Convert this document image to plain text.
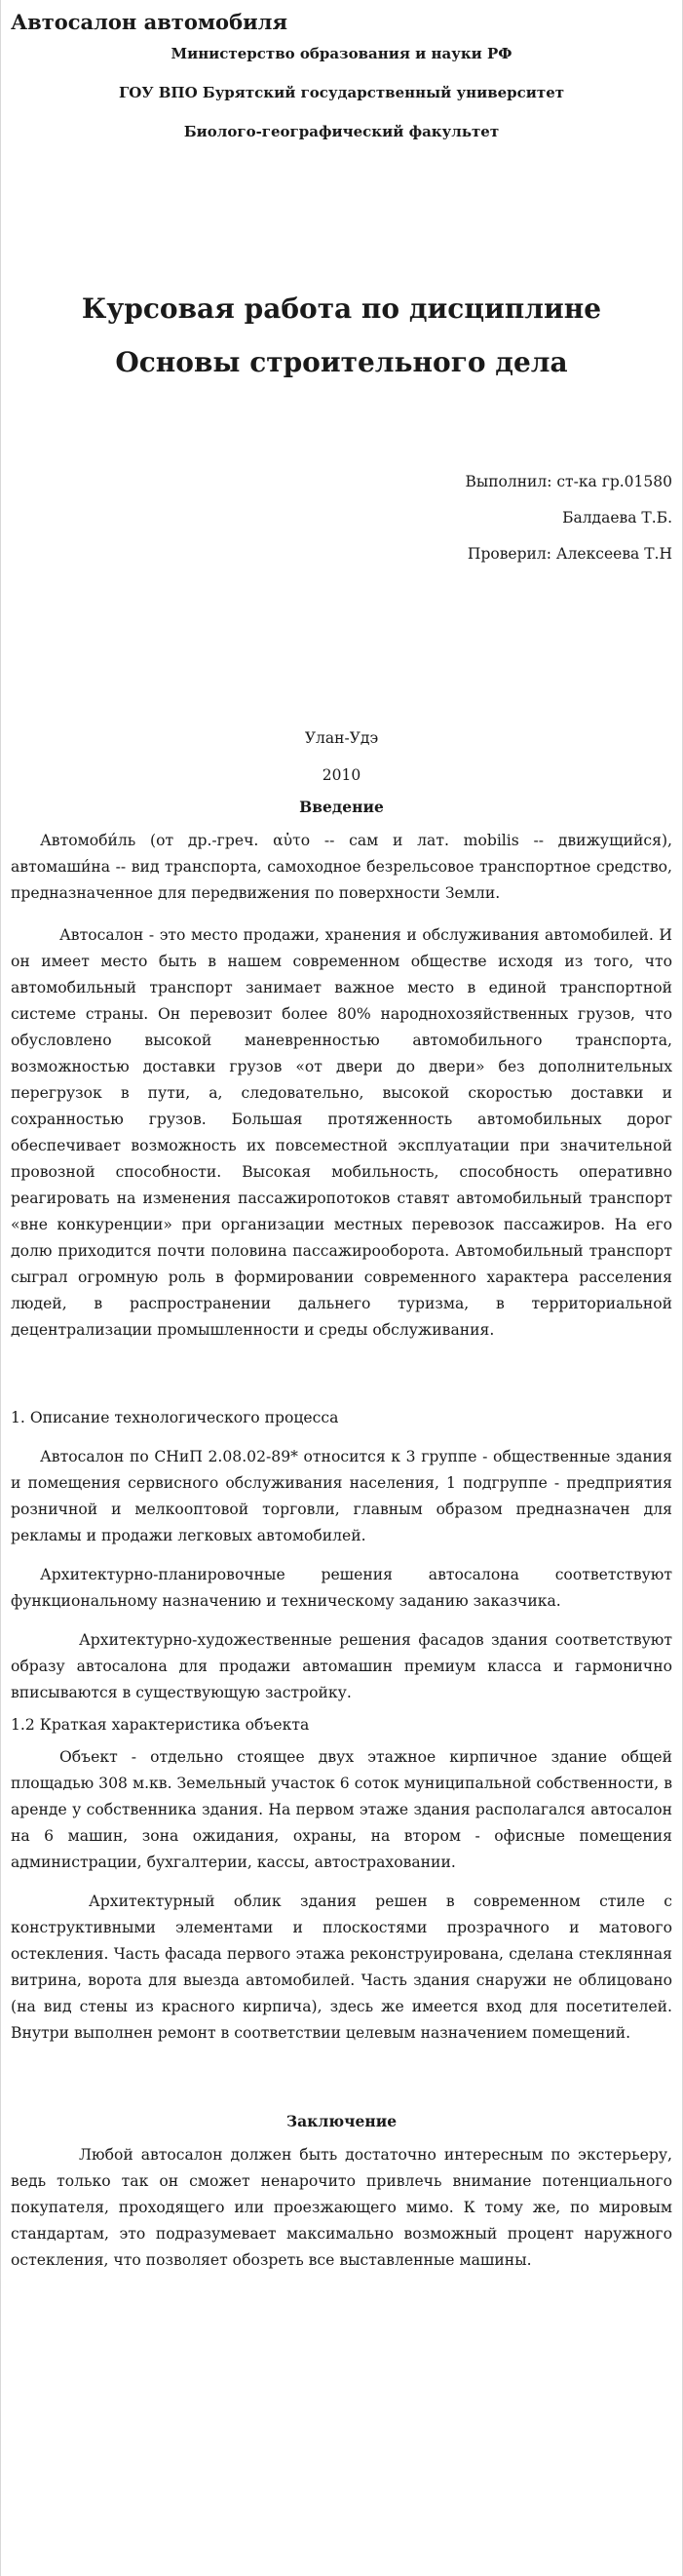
Автосалон автомобиля

Министерство образования и науки РФ

ГОУ ВПО Бурятский государственный университет

Биолого-географический факультет

Курсовая работа по дисциплине

Основы строительного дела

Выполнил: ст-ка гр.01580

Балдаева Т.Б.

Проверил: Алексеева Т.Н

Улан-Удэ

2010

Введение

Автомоби́ль (от др.-греч. αὐτο -- сам и лат. mobilis -- движущийся), автомаши́на -- вид транспорта, самоходное безрельсовое транспортное средство, предназначенное для передвижения по поверхности Земли.

Автосалон - это место продажи, хранения и обслуживания автомобилей. И он имеет место быть в нашем современном обществе исходя из того, что автомобильный транспорт занимает важное место в единой транспортной системе страны. Он перевозит более 80% народнохозяйственных грузов, что обусловлено высокой маневренностью автомобильного транспорта, возможностью доставки грузов «от двери до двери» без дополнительных перегрузок в пути, а, следовательно, высокой скоростью доставки и сохранностью грузов. Большая протяженность автомобильных дорог обеспечивает возможность их повсеместной эксплуатации при значительной провозной способности. Высокая мобильность, способность оперативно реагировать на изменения пассажиропотоков ставят автомобильный транспорт «вне конкуренции» при организации местных перевозок пассажиров. На его долю приходится почти половина пассажирооборота. Автомобильный транспорт сыграл огромную роль в формировании современного характера расселения людей, в распространении дальнего туризма, в территориальной децентрализации промышленности и среды обслуживания.

1. Описание технологического процесса

Автосалон по СНиП 2.08.02-89* относится к 3 группе - общественные здания и помещения сервисного обслуживания населения, 1 подгруппе - предприятия розничной и мелкооптовой торговли, главным образом предназначен для рекламы и продажи легковых автомобилей.

Архитектурно-планировочные решения автосалона соответствуют функциональному назначению и техническому заданию заказчика.

Архитектурно-художественные решения фасадов здания соответствуют образу автосалона для продажи автомашин премиум класса и гармонично вписываются в существующую застройку.

1.2 Краткая характеристика объекта

Объект - отдельно стоящее двух этажное кирпичное здание общей площадью 308 м.кв. Земельный участок 6 соток муниципальной собственности, в аренде у собственника здания. На первом этаже здания располагался автосалон на 6 машин, зона ожидания, охраны, на втором - офисные помещения администрации, бухгалтерии, кассы, автостраховании.

Архитектурный облик здания решен в современном стиле с конструктивными элементами и плоскостями прозрачного и матового остекления. Часть фасада первого этажа реконструирована, сделана стеклянная витрина, ворота для выезда автомобилей. Часть здания снаружи не облицовано (на вид стены из красного кирпича), здесь же имеется вход для посетителей. Внутри выполнен ремонт в соответствии целевым назначением помещений.

Заключение

Любой автосалон должен быть достаточно интересным по экстерьеру, ведь только так он сможет ненарочито привлечь внимание потенциального покупателя, проходящего или проезжающего мимо. К тому же, по мировым стандартам, это подразумевает максимально возможный процент наружного остекления, что позволяет обозреть все выставленные машины.
